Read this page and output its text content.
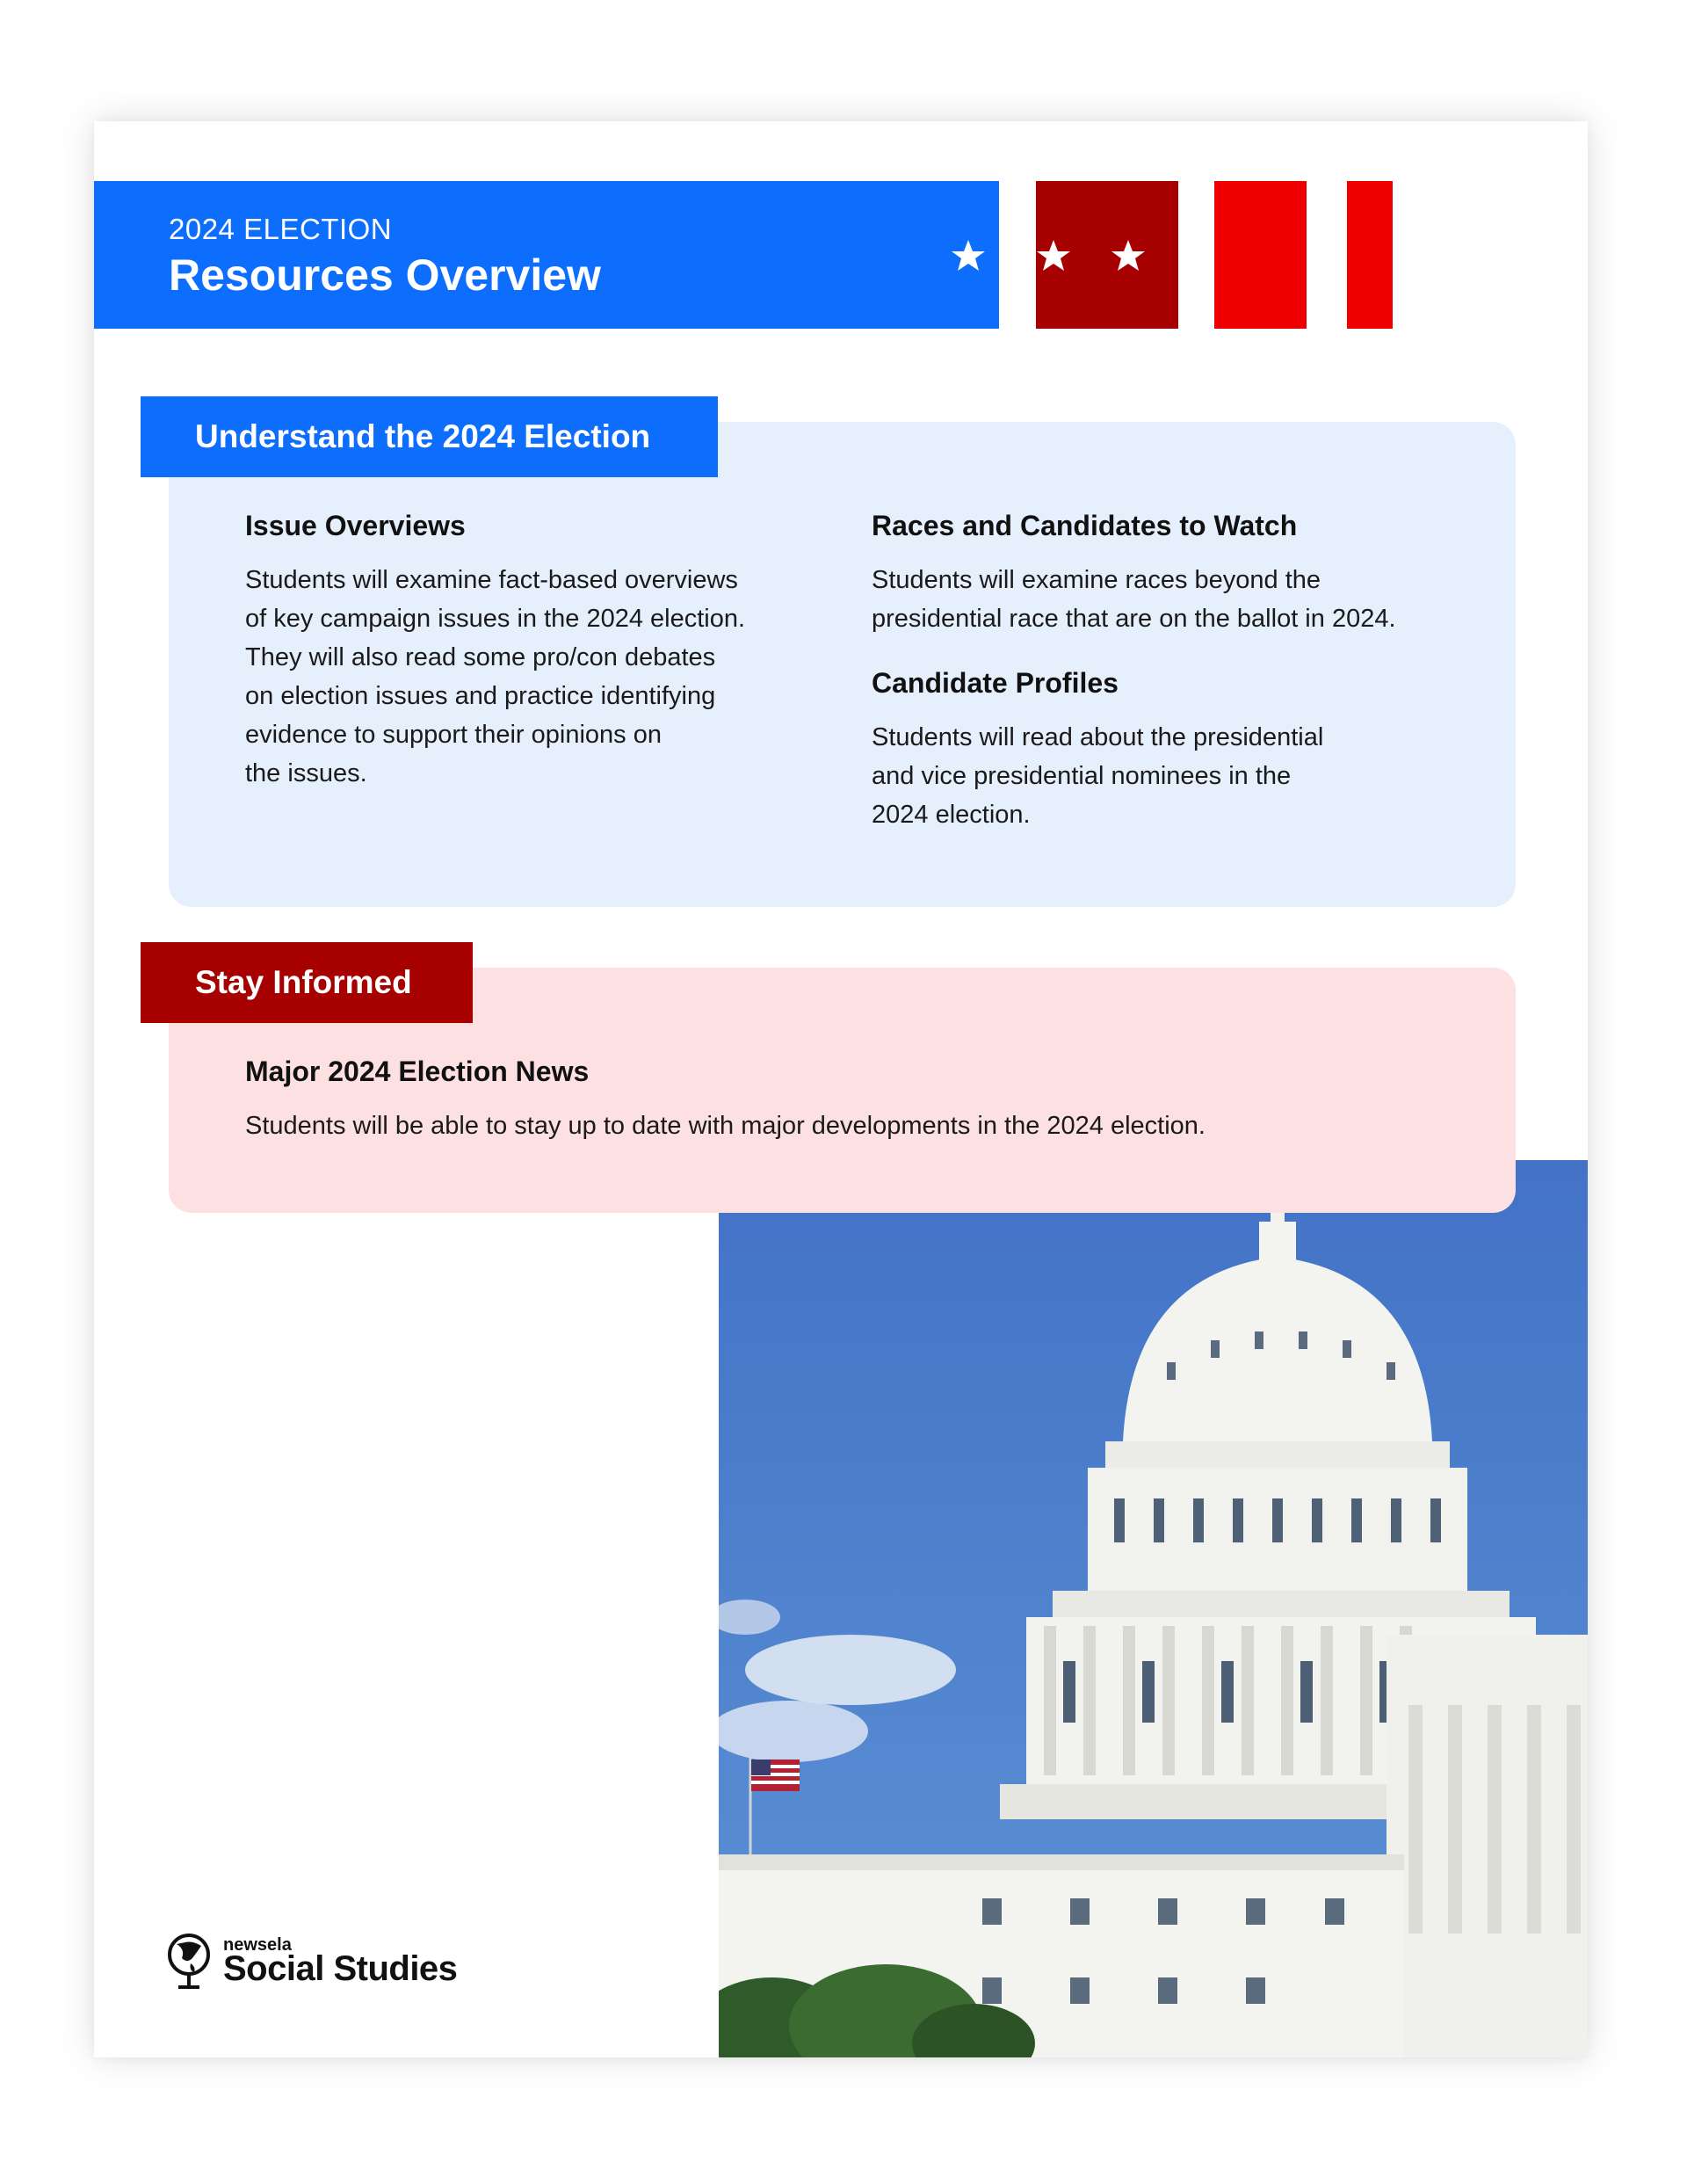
2024 ELECTION
Resources Overview
Issue Overviews
Students will examine fact-based overviews
of key campaign issues in the 2024 election.
They will also read some pro/con debates
on election issues and practice identifying
evidence to support their opinions on
the issues.
Races and Candidates to Watch
Students will examine races beyond the
presidential race that are on the ballot in 2024.
Candidate Profiles
Students will read about the presidential
and vice presidential nominees in the
2024 election.
Understand the 2024 Election
Major 2024 Election News
Students will be able to stay up to date with major developments in the 2024 election.
Stay Informed
newsela
Social Studies
